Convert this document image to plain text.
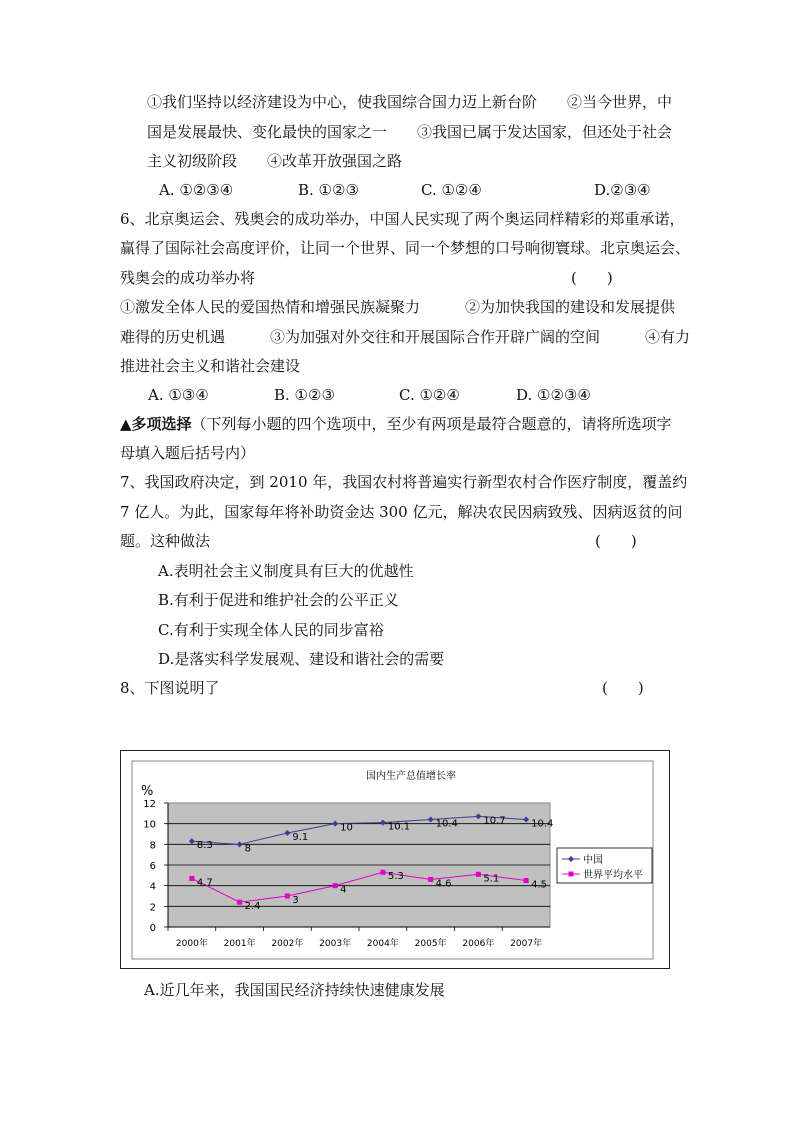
①我们坚持以经济建设为中心，使我国综合国力迈上新台阶　　②当今世界，中
国是发展最快、变化最快的国家之一　　③我国已属于发达国家，但还处于社会
主义初级阶段　　④改革开放强国之路
A. ①②③④	B. ①②③	C. ①②④	D.②③④
6、北京奥运会、残奥会的成功举办，中国人民实现了两个奥运同样精彩的郑重承诺，
赢得了国际社会高度评价，让同一个世界、同一个梦想的口号响彻寰球。北京奥运会、
残奥会的成功举办将	(　　)
①激发全体人民的爱国热情和增强民族凝聚力　　　②为加快我国的建设和发展提供
难得的历史机遇　　　③为加强对外交往和开展国际合作开辟广阔的空间　　　④有力
推进社会主义和谐社会建设
A. ①③④	B. ①②③	C. ①②④	D. ①②③④
▲多项选择（下列每小题的四个选项中，至少有两项是最符合题意的，请将所选项字
母填入题后括号内）
7、我国政府决定，到 2010 年，我国农村将普遍实行新型农村合作医疗制度，覆盖约
7 亿人。为此，国家每年将补助资金达 300 亿元，解决农民因病致残、因病返贫的问
题。这种做法	(　　)
A.表明社会主义制度具有巨大的优越性
B.有利于促进和维护社会的公平正义
C.有利于实现全体人民的同步富裕
D.是落实科学发展观、建设和谐社会的需要
8、下图说明了	(　　)
国内生产总值增长率
%
0
2
4
6
8
10
12
2000年 2001年 2002年 2003年 2004年 2005年 2006年 2007年
8.3	8
9.1
10	10.1	10.4	10.7	10.4
4.7
2.4
3
4
5.3
4.6	5.1
4.5
中国
世界平均水平
A.近几年来，我国国民经济持续快速健康发展
